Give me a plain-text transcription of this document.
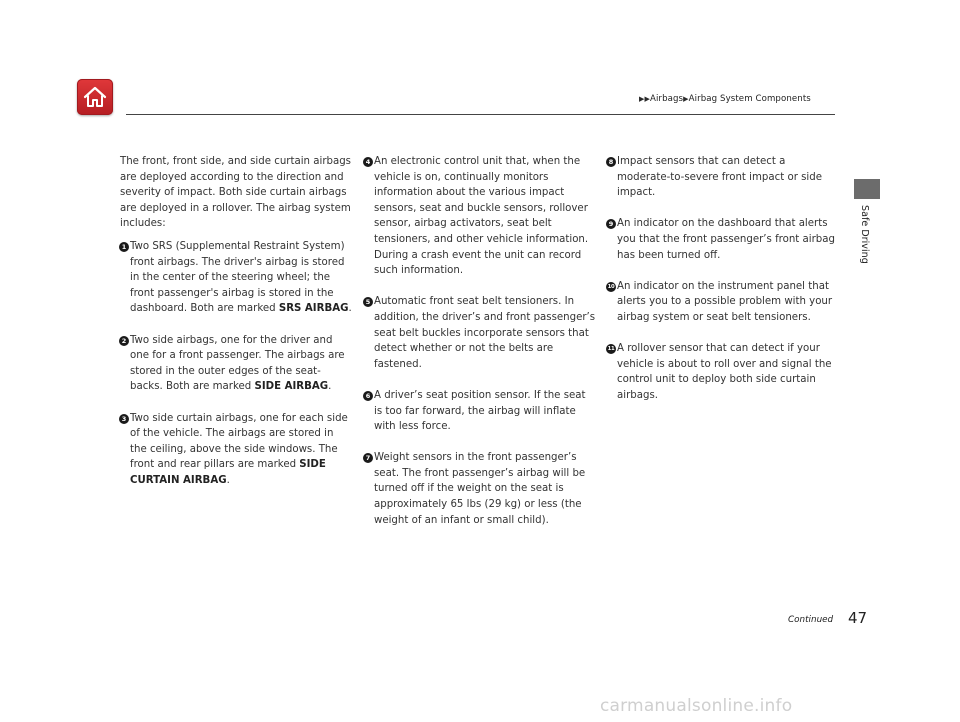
▶▶Airbags▶Airbag System Components
Safe Driving

The front, front side, and side curtain airbags are deployed according to the direction and severity of impact. Both side curtain airbags are deployed in a rollover. The airbag system includes:

1 Two SRS (Supplemental Restraint System) front airbags. The driver's airbag is stored in the center of the steering wheel; the front passenger's airbag is stored in the dashboard. Both are marked SRS AIRBAG.
2 Two side airbags, one for the driver and one for a front passenger. The airbags are stored in the outer edges of the seat-backs. Both are marked SIDE AIRBAG.
3 Two side curtain airbags, one for each side of the vehicle. The airbags are stored in the ceiling, above the side windows. The front and rear pillars are marked SIDE CURTAIN AIRBAG.
4 An electronic control unit that, when the vehicle is on, continually monitors information about the various impact sensors, seat and buckle sensors, rollover sensor, airbag activators, seat belt tensioners, and other vehicle information. During a crash event the unit can record such information.
5 Automatic front seat belt tensioners. In addition, the driver’s and front passenger’s seat belt buckles incorporate sensors that detect whether or not the belts are fastened.
6 A driver’s seat position sensor. If the seat is too far forward, the airbag will inflate with less force.
7 Weight sensors in the front passenger’s seat. The front passenger’s airbag will be turned off if the weight on the seat is approximately 65 lbs (29 kg) or less (the weight of an infant or small child).
8 Impact sensors that can detect a moderate-to-severe front impact or side impact.
9 An indicator on the dashboard that alerts you that the front passenger’s front airbag has been turned off.
10 An indicator on the instrument panel that alerts you to a possible problem with your airbag system or seat belt tensioners.
11 A rollover sensor that can detect if your vehicle is about to roll over and signal the control unit to deploy both side curtain airbags.
Continued 47
carmanualsonline.info
